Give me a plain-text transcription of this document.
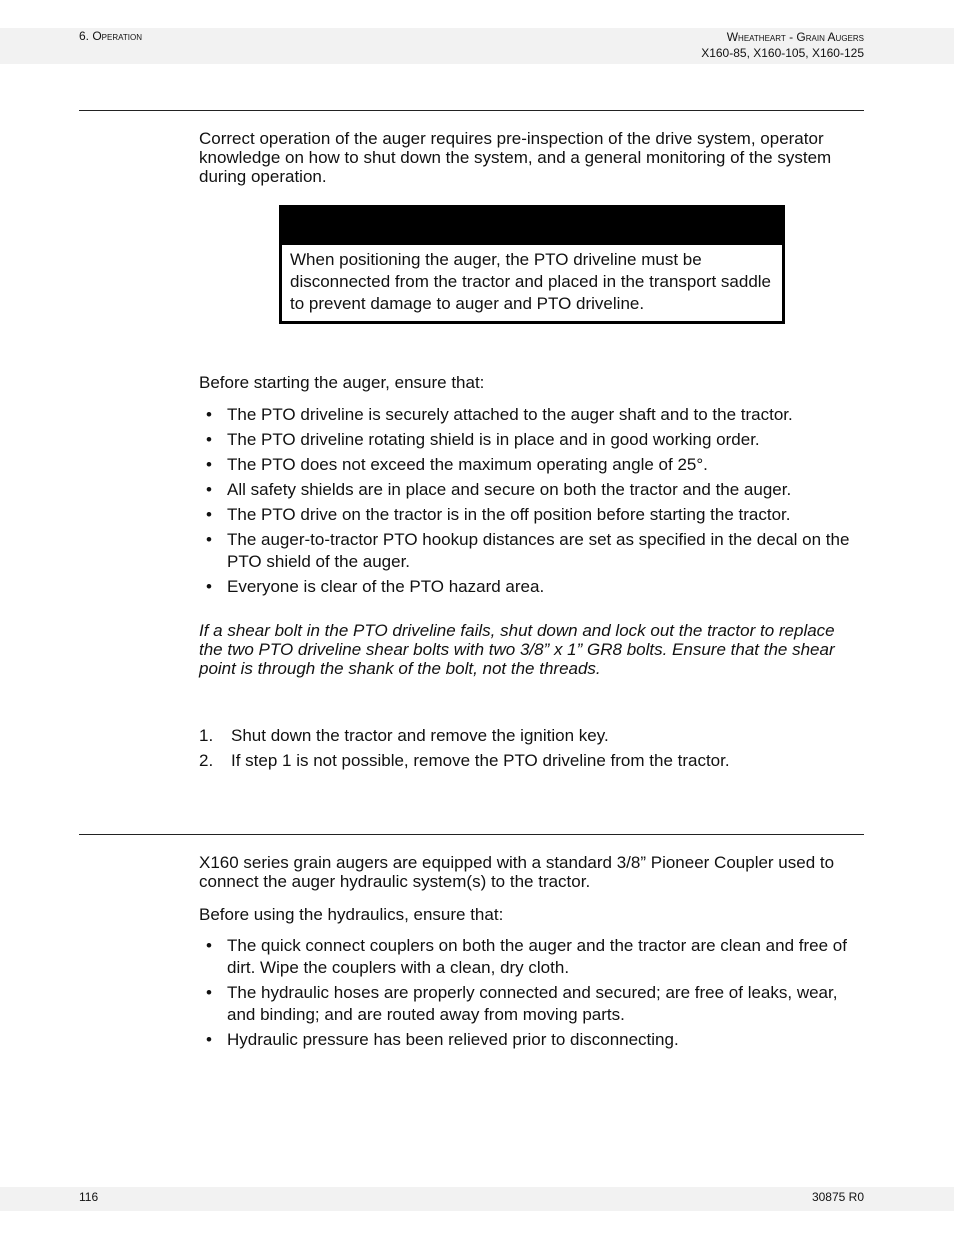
6. Operation	Wheatheart - Grain Augers
X160-85, X160-105, X160-125

Correct operation of the auger requires pre-inspection of the drive system, operator knowledge on how to shut down the system, and a general monitoring of the system during operation.

When positioning the auger, the PTO driveline must be disconnected from the tractor and placed in the transport saddle to prevent damage to auger and PTO driveline.

Before starting the auger, ensure that:

• The PTO driveline is securely attached to the auger shaft and to the tractor.
• The PTO driveline rotating shield is in place and in good working order.
• The PTO does not exceed the maximum operating angle of 25°.
• All safety shields are in place and secure on both the tractor and the auger.
• The PTO drive on the tractor is in the off position before starting the tractor.
• The auger-to-tractor PTO hookup distances are set as specified in the decal on the PTO shield of the auger.
• Everyone is clear of the PTO hazard area.

If a shear bolt in the PTO driveline fails, shut down and lock out the tractor to replace the two PTO driveline shear bolts with two 3/8” x 1” GR8 bolts. Ensure that the shear point is through the shank of the bolt, not the threads.

1. Shut down the tractor and remove the ignition key.
2. If step 1 is not possible, remove the PTO driveline from the tractor.

X160 series grain augers are equipped with a standard 3/8” Pioneer Coupler used to connect the auger hydraulic system(s) to the tractor.

Before using the hydraulics, ensure that:

• The quick connect couplers on both the auger and the tractor are clean and free of dirt. Wipe the couplers with a clean, dry cloth.
• The hydraulic hoses are properly connected and secured; are free of leaks, wear, and binding; and are routed away from moving parts.
• Hydraulic pressure has been relieved prior to disconnecting.
116	30875 R0
